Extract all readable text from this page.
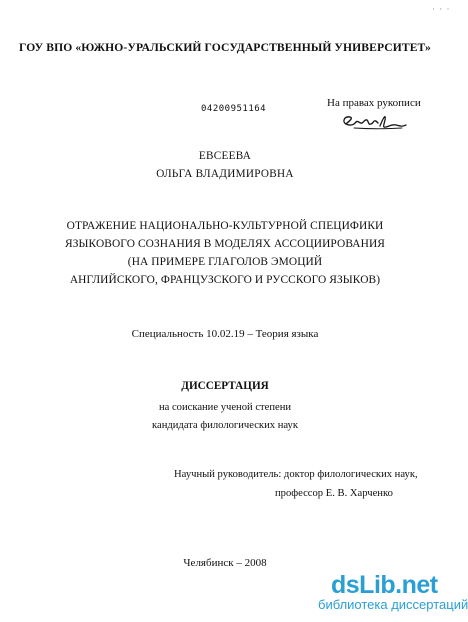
· · ·
ГОУ ВПО «ЮЖНО-УРАЛЬСКИЙ ГОСУДАРСТВЕННЫЙ УНИВЕРСИТЕТ»
04200951164	На правах рукописи
ЕВСЕЕВА
ОЛЬГА ВЛАДИМИРОВНА
ОТРАЖЕНИЕ НАЦИОНАЛЬНО-КУЛЬТУРНОЙ СПЕЦИФИКИ
ЯЗЫКОВОГО СОЗНАНИЯ В МОДЕЛЯХ АССОЦИИРОВАНИЯ
(НА ПРИМЕРЕ ГЛАГОЛОВ ЭМОЦИЙ
АНГЛИЙСКОГО, ФРАНЦУЗСКОГО И РУССКОГО ЯЗЫКОВ)
Специальность 10.02.19 – Теория языка
ДИССЕРТАЦИЯ
на соискание ученой степени
кандидата филологических наук
Научный руководитель: доктор филологических наук,
профессор Е. В. Харченко
Челябинск – 2008
dsLib.net
библиотека диссертаций
